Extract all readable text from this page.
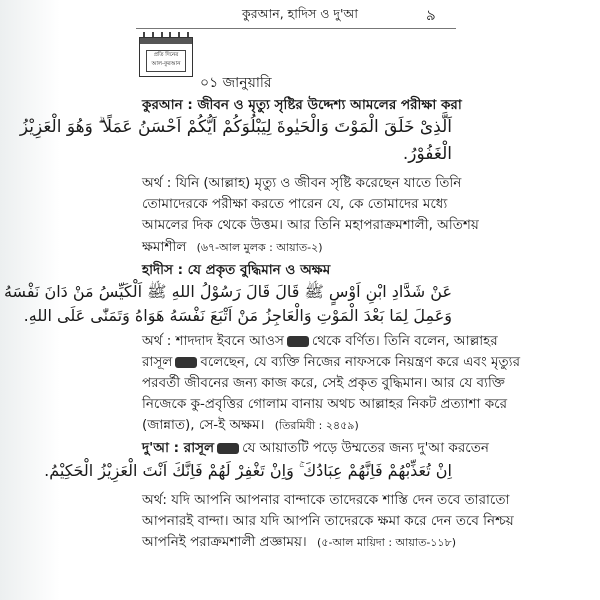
কুরআন, হাদিস ও দু'আ	৯
প্রতি দিনের
আল-কুরআন
০১ জানুয়ারি
কুরআন : জীবন ও মৃত্যু সৃষ্টির উদ্দেশ্য আমলের পরীক্ষা করা
اَلَّذِىْ خَلَقَ الْمَوْتَ وَالْحَيٰوةَ لِيَبْلُوَكُمْ اَيُّكُمْ اَحْسَنُ عَمَلًا ۗ وَهُوَ الْعَزِيْزُ
الْغَفُوْرُ.
অর্থ : যিনি (আল্লাহ) মৃত্যু ও জীবন সৃষ্টি করেছেন যাতে তিনি
তোমাদেরকে পরীক্ষা করতে পারেন যে, কে তোমাদের মধ্যে
আমলের দিক থেকে উত্তম। আর তিনি মহাপরাক্রমশালী, অতিশয়
ক্ষমাশীল (৬৭-আল মুলক : আয়াত-২)
হাদীস : যে প্রকৃত বুদ্ধিমান ও অক্ষম
عَنْ شَدَّادِ ابْنِ اَوْسٍ ﷺ قَالَ قَالَ رَسُوْلُ اللهِ ﷺ اَلْكَيِّسُ مَنْ دَانَ نَفْسَهُ
وَعَمِلَ لِمَا بَعْدَ الْمَوْتِ وَالْعَاجِزُ مَنْ اَتْبَعَ نَفْسَهُ هَوَاهُ وَتَمَنّٰى عَلَى اللهِ.
অর্থ : শাদদাদ ইবনে আওস থেকে বর্ণিত। তিনি বলেন, আল্লাহর
রাসূল বলেছেন, যে ব্যক্তি নিজের নাফসকে নিয়ন্ত্রণ করে এবং মৃত্যুর
পরবর্তী জীবনের জন্য কাজ করে, সেই প্রকৃত বুদ্ধিমান। আর যে ব্যক্তি
নিজেকে কু-প্রবৃত্তির গোলাম বানায় অথচ আল্লাহর নিকট প্রত্যাশা করে
(জান্নাত), সে-ই অক্ষম। (তিরমিযী : ২৪৫৯)
দু'আ : রাসূল যে আয়াতটি পড়ে উম্মতের জন্য দু'আ করতেন
اِنْ تُعَذِّبْهُمْ فَاِنَّهُمْ عِبَادُكَ ۚ وَاِنْ تَغْفِرْ لَهُمْ فَاِنَّكَ اَنْتَ الْعَزِيْزُ الْحَكِيْمُ.
অর্থ: যদি আপনি আপনার বান্দাকে তাদেরকে শাস্তি দেন তবে তারাতো
আপনারই বান্দা। আর যদি আপনি তাদেরকে ক্ষমা করে দেন তবে নিশ্চয়
আপনিই পরাক্রমশালী প্রজ্ঞাময়। (৫-আল মায়িদা : আয়াত-১১৮)
